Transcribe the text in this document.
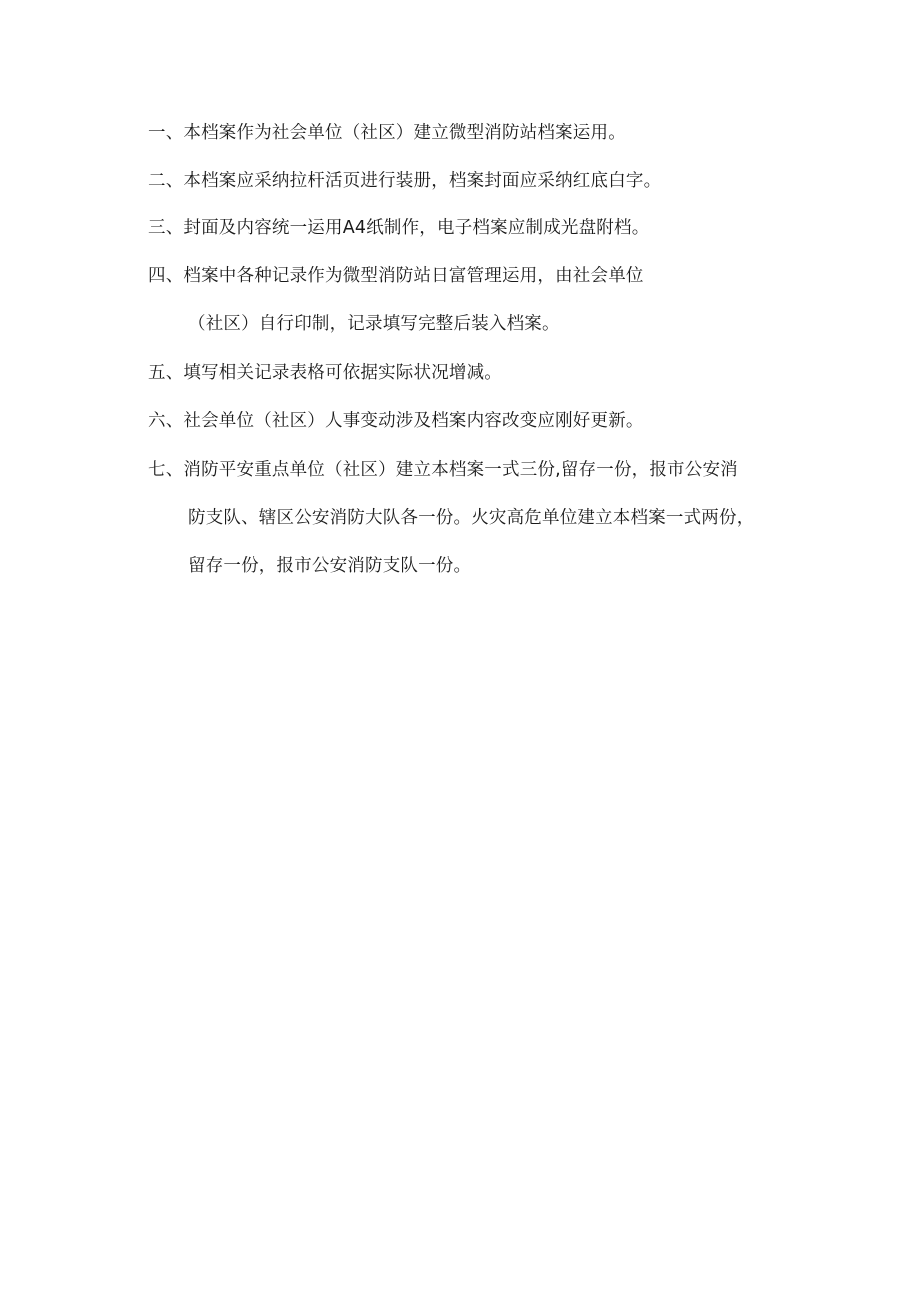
一、本档案作为社会单位（社区）建立微型消防站档案运用。
二、本档案应采纳拉杆活页进行装册，档案封面应采纳红底白字。
三、封面及内容统一运用A4纸制作，电子档案应制成光盘附档。
四、档案中各种记录作为微型消防站日富管理运用，由社会单位
（社区）自行印制，记录填写完整后装入档案。
五、填写相关记录表格可依据实际状况增减。
六、社会单位（社区）人事变动涉及档案内容改变应刚好更新。
七、消防平安重点单位（社区）建立本档案一式三份,留存一份，报市公安消
防支队、辖区公安消防大队各一份。火灾高危单位建立本档案一式两份，
留存一份，报市公安消防支队一份。
